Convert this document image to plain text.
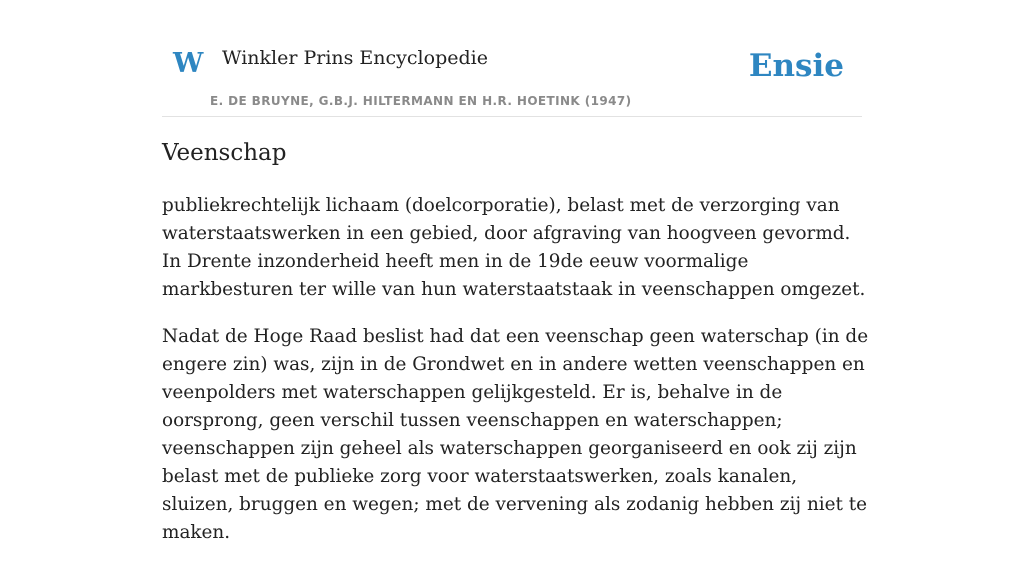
W Winkler Prins Encyclopedie
E. DE BRUYNE, G.B.J. HILTERMANN EN H.R. HOETINK (1947)
Ensie
Veenschap

publiekrechtelijk lichaam (doelcorporatie), belast met de verzorging van waterstaatswerken in een gebied, door afgraving van hoogveen gevormd. In Drente inzonderheid heeft men in de 19de eeuw voormalige markbesturen ter wille van hun waterstaatstaak in veenschappen omgezet.

Nadat de Hoge Raad beslist had dat een veenschap geen waterschap (in de engere zin) was, zijn in de Grondwet en in andere wetten veenschappen en veenpolders met waterschappen gelijkgesteld. Er is, behalve in de oorsprong, geen verschil tussen veenschappen en waterschappen; veenschappen zijn geheel als waterschappen georganiseerd en ook zij zijn belast met de publieke zorg voor waterstaatswerken, zoals kanalen, sluizen, bruggen en wegen; met de vervening als zodanig hebben zij niet te maken.
